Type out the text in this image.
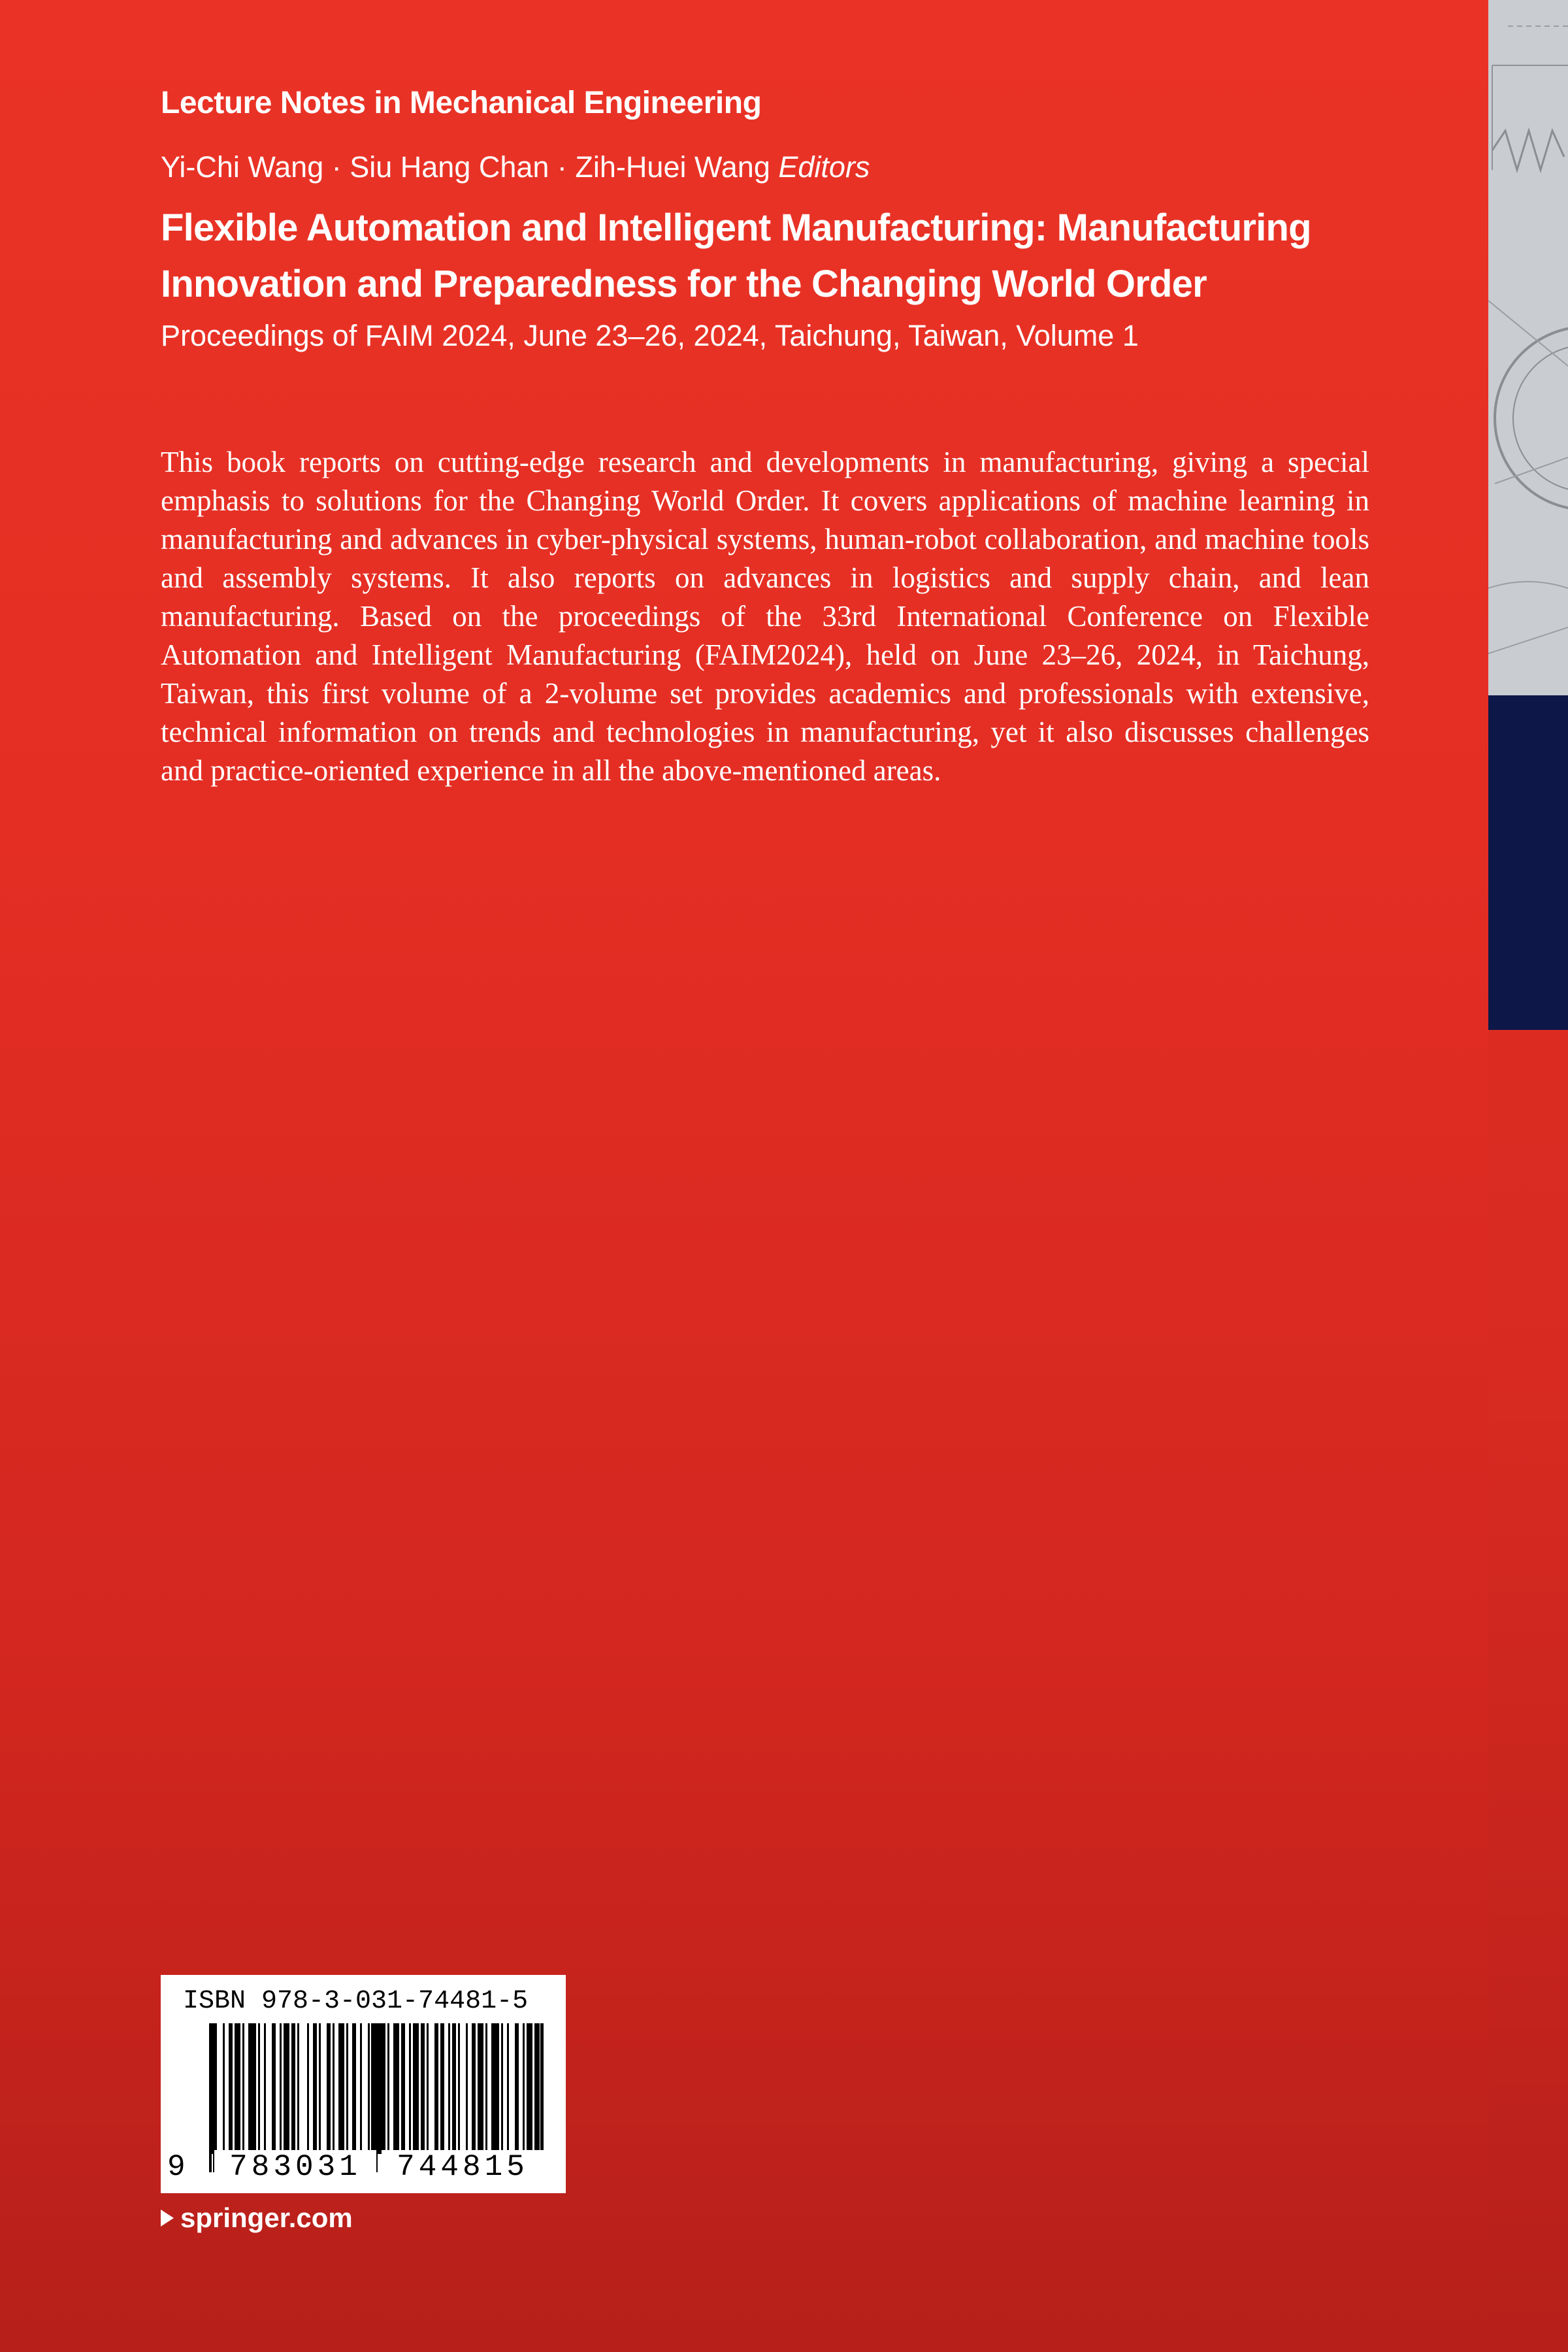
Lecture Notes in Mechanical Engineering
Yi-Chi Wang · Siu Hang Chan · Zih-Huei Wang Editors
Flexible Automation and Intelligent Manufacturing: Manufacturing Innovation and Preparedness for the Changing World Order
Proceedings of FAIM 2024, June 23–26, 2024, Taichung, Taiwan, Volume 1
This book reports on cutting-edge research and developments in manufacturing, giving a special emphasis to solutions for the Changing World Order. It covers applications of machine learning in manufacturing and advances in cyber-physical systems, human-robot collaboration, and machine tools and assembly systems. It also reports on advances in logistics and supply chain, and lean manufacturing. Based on the proceedings of the 33rd International Conference on Flexible Automation and Intelligent Manufacturing (FAIM2024), held on June 23–26, 2024, in Taichung, Taiwan, this first volume of a 2-volume set provides academics and professionals with extensive, technical information on trends and technologies in manufacturing, yet it also discusses challenges and practice-oriented experience in all the above-mentioned areas.
ISBN 978-3-031-74481-5
9	783031	744815
springer.com
